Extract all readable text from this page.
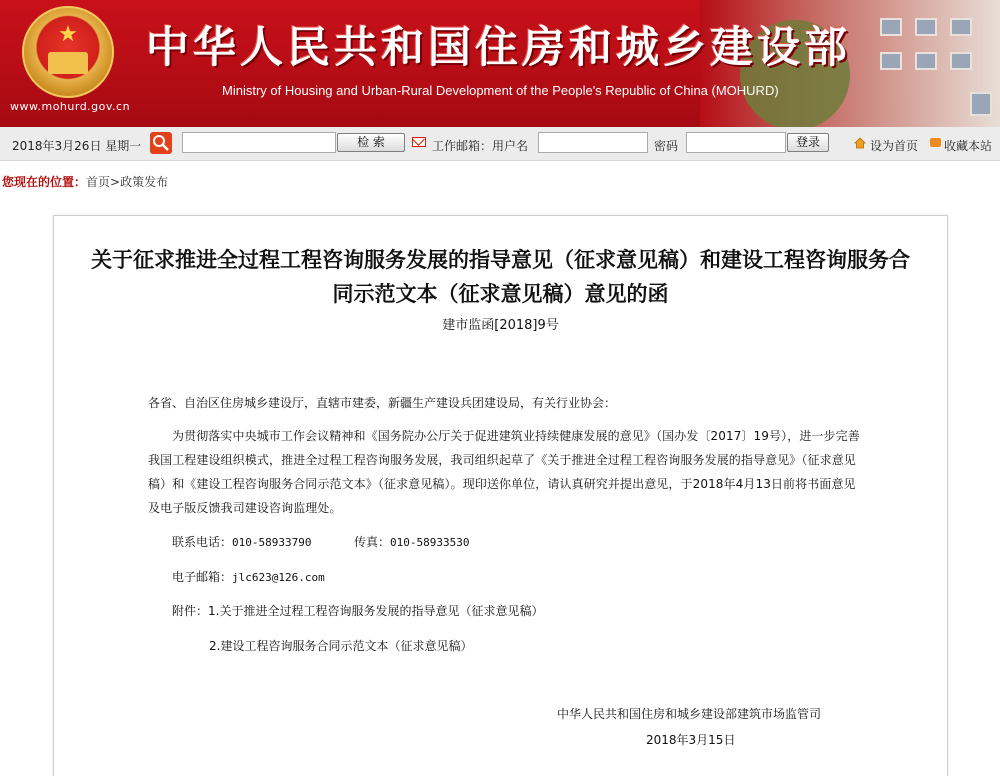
★
www.mohurd.gov.cn
中华人民共和国住房和城乡建设部
Ministry of Housing and Urban-Rural Development of the People's Republic of China (MOHURD)
2018年3月26日 星期一	检 索	工作邮箱：用户名	密码	登录	设为首页 收藏本站
您现在的位置：首页>政策发布
关于征求推进全过程工程咨询服务发展的指导意见（征求意见稿）和建设工程咨询服务合同示范文本（征求意见稿）意见的函
建市监函[2018]9号
各省、自治区住房城乡建设厅，直辖市建委，新疆生产建设兵团建设局，有关行业协会：
为贯彻落实中央城市工作会议精神和《国务院办公厅关于促进建筑业持续健康发展的意见》（国办发〔2017〕19号），进一步完善我国工程建设组织模式，推进全过程工程咨询服务发展，我司组织起草了《关于推进全过程工程咨询服务发展的指导意见》（征求意见稿）和《建设工程咨询服务合同示范文本》（征求意见稿）。现印送你单位，请认真研究并提出意见，于2018年4月13日前将书面意见及电子版反馈我司建设咨询监理处。
联系电话：010-58933790	传真：010-58933530
电子邮箱：jlc623@126.com
附件：1.关于推进全过程工程咨询服务发展的指导意见（征求意见稿）
2.建设工程咨询服务合同示范文本（征求意见稿）
中华人民共和国住房和城乡建设部建筑市场监管司
2018年3月15日
